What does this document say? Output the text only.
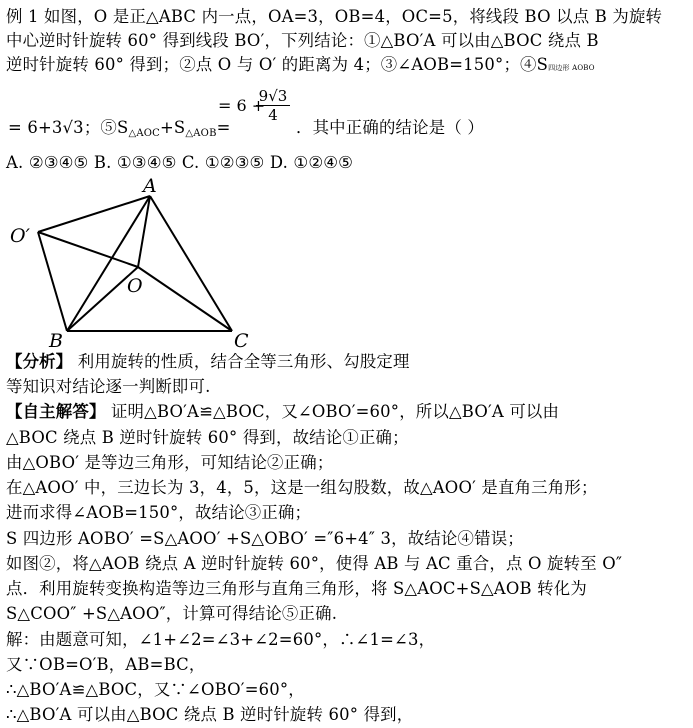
例 1 如图，O 是正△ABC 内一点，OA=3，OB=4，OC=5，将线段 BO 以点 B 为旋转
中心逆时针旋转 60° 得到线段 BO′，下列结论：①△BO′A 可以由△BOC 绕点 B
逆时针旋转 60° 得到；②点 O 与 O′ 的距离为 4；③∠AOB=150°；④S四边形 AOBO
= 6+3√3；$⑤S_{\triangle AOC}+S_{\triangle AOB}=$
= 6 +
$\frac{9√3}{4}$
．其中正确的结论是（ ）
A. ②③④⑤ B. ①③④⑤ C. ①②③⑤ D. ①②④⑤
A
B	C
O
O′
【分析】 利用旋转的性质，结合全等三角形、勾股定理
等知识对结论逐一判断即可.
【自主解答】 证明△BO′A≌△BOC，又∠OBO′=60°，所以△BO′A 可以由
△BOC 绕点 B 逆时针旋转 60° 得到，故结论①正确；
由△OBO′ 是等边三角形，可知结论②正确；
在△AOO′ 中，三边长为 3，4，5，这是一组勾股数，故△AOO′ 是直角三角形；
进而求得∠AOB=150°，故结论③正确；
S 四边形 AOBO′ =S△AOO′ +S△OBO′ =″6+4″ 3，故结论④错误；
如图②，将△AOB 绕点 A 逆时针旋转 60°，使得 AB 与 AC 重合，点 O 旋转至 O″
点．利用旋转变换构造等边三角形与直角三角形，将 S△AOC+S△AOB 转化为
S△COO″ +S△AOO″，计算可得结论⑤正确.
解：由题意可知，∠1+∠2=∠3+∠2=60°，∴∠1=∠3，
又∵OB=O′B，AB=BC，
∴△BO′A≌△BOC，又∵∠OBO′=60°，
∴△BO′A 可以由△BOC 绕点 B 逆时针旋转 60° 得到，
